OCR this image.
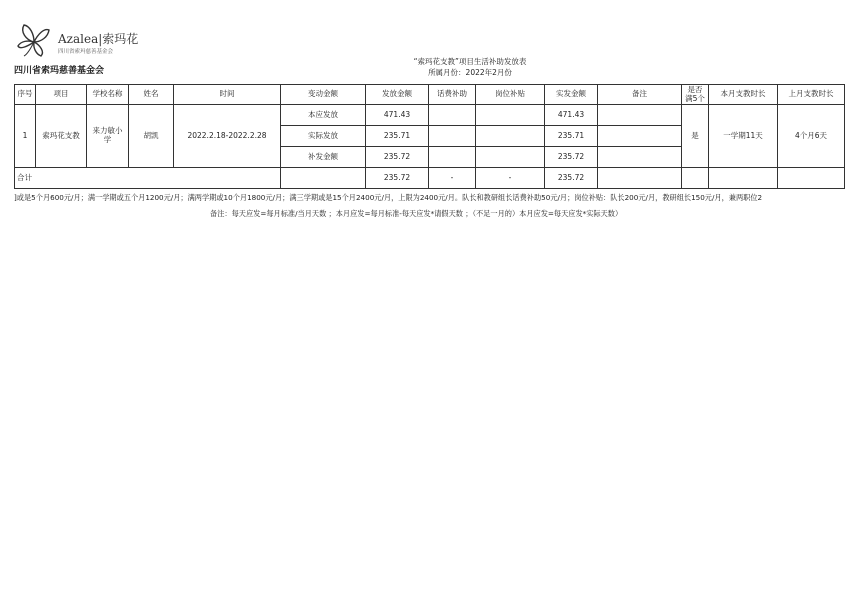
Azalea|索玛花
四川省索玛慈善基金会
四川省索玛慈善基金会
“索玛花支教”项目生活补助发放表
所属月份：2022年2月份
序号	项目	学校名称	姓名	时间	变动金额	发放金额	话费补助	岗位补贴	实发金额	备注	是否满5个	本月支教时长	上月支教时长
1	索玛花支教	来力敏小学	胡凯	2022.2.18-2022.2.28	本应发放	471.43			471.43		是	一学期11天	4个月6天
					实际发放	235.71			235.71				
					补发金额	235.72			235.72				
合计						235.72	-	-	235.72				
]或是5个月600元/月；满一学期或五个月1200元/月；满两学期或10个月1800元/月；满三学期或是15个月2400元/月，上限为2400元/月。队长和教研组长话费补助50元/月；岗位补贴：队长200元/月，教研组长150元/月，兼两职位2
备注：每天应发=每月标准/当月天数 ；本月应发=每月标准-每天应发*请假天数 ；（不足一月的）本月应发=每天应发*实际天数）
